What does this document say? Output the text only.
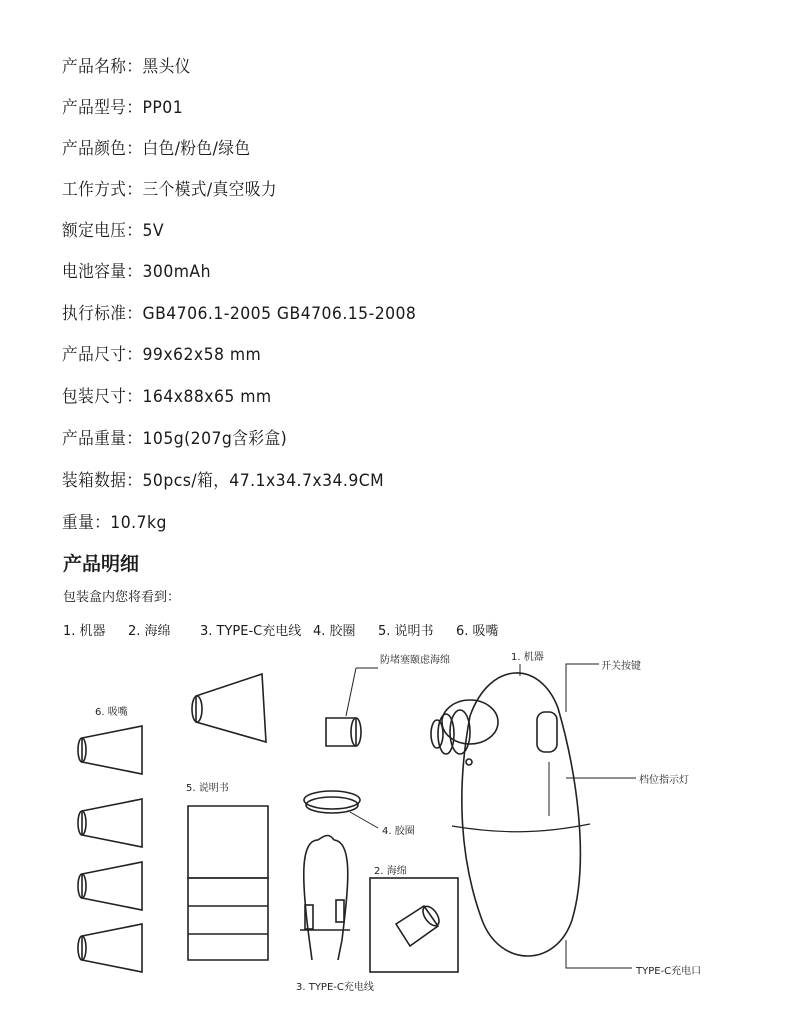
产品名称：黑头仪
产品型号：PP01
产品颜色：白色/粉色/绿色
工作方式：三个模式/真空吸力
额定电压：5V
电池容量：300mAh
执行标准：GB4706.1-2005 GB4706.15-2008
产品尺寸：99x62x58 mm
包装尺寸：164x88x65 mm
产品重量：105g(207g含彩盒)
装箱数据：50pcs/箱，47.1x34.7x34.9CM
重量：10.7kg
产品明细
包装盒内您将看到：
1. 机器 2. 海绵 3. TYPE-C充电线 4. 胶圈 5. 说明书 6. 吸嘴
6. 吸嘴
5. 说明书
防堵塞颐虑海绵
4. 胶圈
2. 海绵
3. TYPE-C充电线
1. 机器
开关按键
档位指示灯
TYPE-C充电口
